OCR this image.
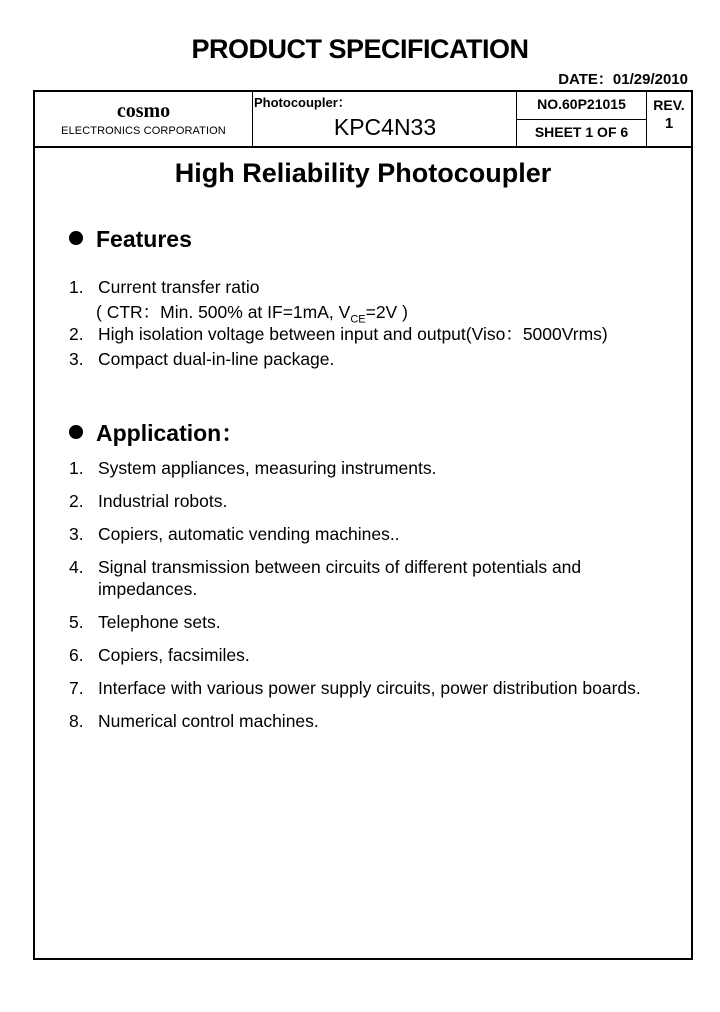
PRODUCT SPECIFICATION
DATE：01/29/2010
cosmo
ELECTRONICS CORPORATION
Photocoupler：
KPC4N33
NO.60P21015
SHEET 1 OF 6
REV.
1
High Reliability Photocoupler
Features
1. Current transfer ratio
( CTR：Min. 500% at IF=1mA, $V_{CE}=2V$ )
2. High isolation voltage between input and output(Viso：5000Vrms)
3. Compact dual-in-line package.
Application：
1. System appliances, measuring instruments.
2. Industrial robots.
3. Copiers, automatic vending machines..
4. Signal transmission between circuits of different potentials and
impedances.
5. Telephone sets.
6. Copiers, facsimiles.
7. Interface with various power supply circuits, power distribution boards.
8. Numerical control machines.
